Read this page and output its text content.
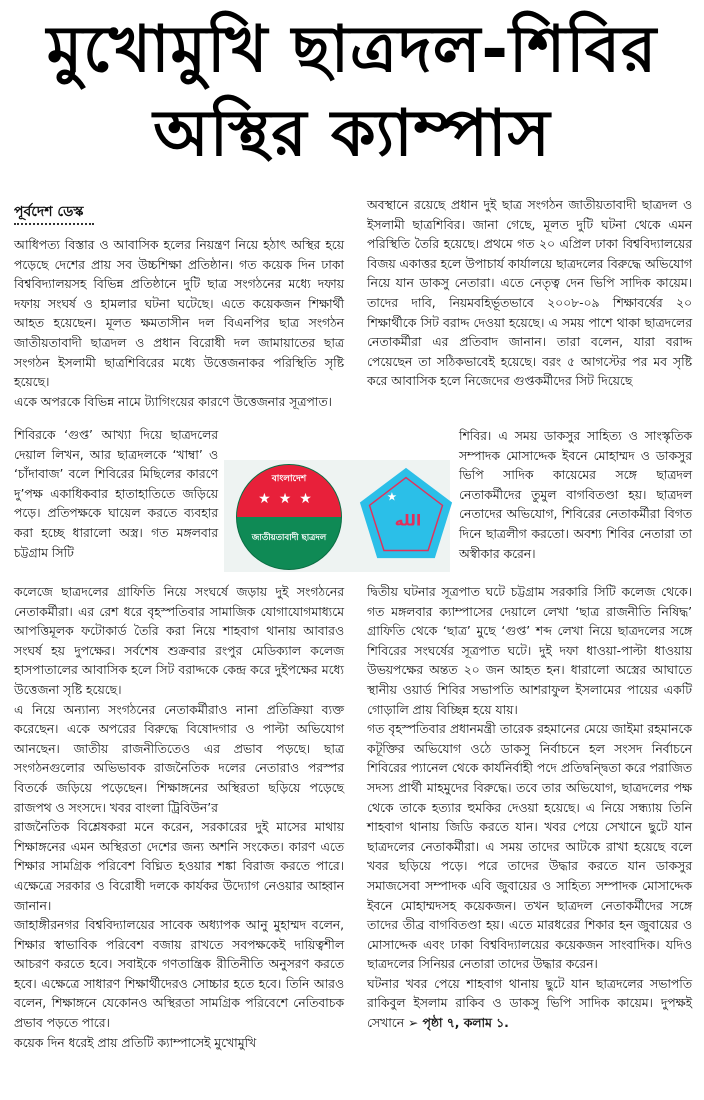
মুখোমুখি ছাত্রদল-শিবির
অস্থির ক্যাম্পাস
পূর্বদেশ ডেস্ক

আধিপত্য বিস্তার ও আবাসিক হলের নিয়ন্ত্রণ নিয়ে হঠাৎ অস্থির হয়ে পড়েছে দেশের প্রায় সব উচ্চশিক্ষা প্রতিষ্ঠান। গত কয়েক দিন ঢাকা বিশ্ববিদ্যালয়সহ বিভিন্ন প্রতিষ্ঠানে দুটি ছাত্র সংগঠনের মধ্যে দফায় দফায় সংঘর্ষ ও হামলার ঘটনা ঘটেছে। এতে কয়েকজন শিক্ষার্থী আহত হয়েছেন। মূলত ক্ষমতাসীন দল বিএনপির ছাত্র সংগঠন জাতীয়তাবাদী ছাত্রদল ও প্রধান বিরোধী দল জামায়াতের ছাত্র সংগঠন ইসলামী ছাত্রশিবিরের মধ্যে উত্তেজনাকর পরিস্থিতি সৃষ্টি হয়েছে।

একে অপরকে বিভিন্ন নামে ট্যাগিংয়ের কারণে উত্তেজনার সূত্রপাত।

শিবিরকে ‘গুপ্ত’ আখ্যা দিয়ে ছাত্রদলের দেয়াল লিখন, আর ছাত্রদলকে ‘খাম্বা’ ও ‘চাঁদাবাজ’ বলে শিবিরের মিছিলের কারণে দু’পক্ষ একাধিকবার হাতাহাতিতে জড়িয়ে পড়ে। প্রতিপক্ষকে ঘায়েল করতে ব্যবহার করা হচ্ছে ধারালো অস্ত্র। গত মঙ্গলবার চট্টগ্রাম সিটি

কলেজে ছাত্রদলের গ্রাফিতি নিয়ে সংঘর্ষে জড়ায় দুই সংগঠনের নেতাকর্মীরা। এর রেশ ধরে বৃহস্পতিবার সামাজিক যোগাযোগমাধ্যমে আপত্তিমূলক ফটোকার্ড তৈরি করা নিয়ে শাহবাগ থানায় আবারও সংঘর্ষ হয় দুপক্ষের। সর্বশেষ শুক্রবার রংপুর মেডিক্যাল কলেজ হাসপাতালের আবাসিক হলে সিট বরাদ্দকে কেন্দ্র করে দুইপক্ষের মধ্যে উত্তেজনা সৃষ্টি হয়েছে।

এ নিয়ে অন্যান্য সংগঠনের নেতাকর্মীরাও নানা প্রতিক্রিয়া ব্যক্ত করেছেন। একে অপরের বিরুদ্ধে বিষোদগার ও পাল্টা অভিযোগ আনছেন। জাতীয় রাজনীতিতেও এর প্রভাব পড়ছে। ছাত্র সংগঠনগুলোর অভিভাবক রাজনৈতিক দলের নেতারাও পরস্পর বিতর্কে জড়িয়ে পড়েছেন। শিক্ষাঙ্গনের অস্থিরতা ছড়িয়ে পড়েছে রাজপথ ও সংসদে। খবর বাংলা ট্রিবিউন’র

রাজনৈতিক বিশ্লেষকরা মনে করেন, সরকারের দুই মাসের মাথায় শিক্ষাঙ্গনের এমন অস্থিরতা দেশের জন্য অশনি সংকেত। কারণ এতে শিক্ষার সামগ্রিক পরিবেশ বিঘ্নিত হওয়ার শঙ্কা বিরাজ করতে পারে। এক্ষেত্রে সরকার ও বিরোধী দলকে কার্যকর উদ্যোগ নেওয়ার আহ্বান জানান।

জাহাঙ্গীরনগর বিশ্ববিদ্যালয়ের সাবেক অধ্যাপক আনু মুহাম্মদ বলেন, শিক্ষার স্বাভাবিক পরিবেশ বজায় রাখতে সবপক্ষকেই দায়িত্বশীল আচরণ করতে হবে। সবাইকে গণতান্ত্রিক রীতিনীতি অনুসরণ করতে হবে। এক্ষেত্রে সাধারণ শিক্ষার্থীদেরও সোচ্চার হতে হবে। তিনি আরও বলেন, শিক্ষাঙ্গনে যেকোনও অস্থিরতা সামগ্রিক পরিবেশে নেতিবাচক প্রভাব পড়তে পারে।

কয়েক দিন ধরেই প্রায় প্রতিটি ক্যাম্পাসেই মুখোমুখি

অবস্থানে রয়েছে প্রধান দুই ছাত্র সংগঠন জাতীয়তাবাদী ছাত্রদল ও ইসলামী ছাত্রশিবির। জানা গেছে, মূলত দুটি ঘটনা থেকে এমন পরিস্থিতি তৈরি হয়েছে। প্রথমে গত ২০ এপ্রিল ঢাকা বিশ্ববিদ্যালয়ের বিজয় একাত্তর হলে উপাচার্য কার্যালয়ে ছাত্রদলের বিরুদ্ধে অভিযোগ নিয়ে যান ডাকসু নেতারা। এতে নেতৃত্ব দেন ভিপি সাদিক কায়েম। তাদের দাবি, নিয়মবহির্ভূতভাবে ২০০৮-০৯ শিক্ষাবর্ষের ২০ শিক্ষার্থীকে সিট বরাদ্দ দেওয়া হয়েছে। এ সময় পাশে থাকা ছাত্রদলের নেতাকর্মীরা এর প্রতিবাদ জানান। তারা বলেন, যারা বরাদ্দ পেয়েছেন তা সঠিকভাবেই হয়েছে। বরং ৫ আগস্টের পর মব সৃষ্টি করে আবাসিক হলে নিজেদের গুপ্তকর্মীদের সিট দিয়েছে

শিবির। এ সময় ডাকসুর সাহিত্য ও সাংস্কৃতিক সম্পাদক মোসাদ্দেক ইবনে মোহাম্মদ ও ডাকসুর ভিপি সাদিক কায়েমের সঙ্গে ছাত্রদল নেতাকর্মীদের তুমুল বাগবিতণ্ডা হয়। ছাত্রদল নেতাদের অভিযোগ, শিবিরের নেতাকর্মীরা বিগত দিনে ছাত্রলীগ করতো। অবশ্য শিবির নেতারা তা অস্বীকার করেন।

দ্বিতীয় ঘটনার সূত্রপাত ঘটে চট্টগ্রাম সরকারি সিটি কলেজ থেকে। গত মঙ্গলবার ক্যাম্পাসের দেয়ালে লেখা ‘ছাত্র রাজনীতি নিষিদ্ধ’ গ্রাফিতি থেকে ‘ছাত্র’ মুছে ‘গুপ্ত’ শব্দ লেখা নিয়ে ছাত্রদলের সঙ্গে শিবিরের সংঘর্ষের সূত্রপাত ঘটে। দুই দফা ধাওয়া-পাল্টা ধাওয়ায় উভয়পক্ষের অন্তত ২০ জন আহত হন। ধারালো অস্ত্রের আঘাতে স্থানীয় ওয়ার্ড শিবির সভাপতি আশরাফুল ইসলামের পায়ের একটি গোড়ালি প্রায় বিচ্ছিন্ন হয়ে যায়।

গত বৃহস্পতিবার প্রধানমন্ত্রী তারেক রহমানের মেয়ে জাইমা রহমানকে কটূক্তির অভিযোগ ওঠে ডাকসু নির্বাচনে হল সংসদ নির্বাচনে শিবিরের প্যানেল থেকে কার্যনির্বাহী পদে প্রতিদ্বন্দ্বিতা করে পরাজিত সদস্য প্রার্থী মাহমুদের বিরুদ্ধে। তবে তার অভিযোগ, ছাত্রদলের পক্ষ থেকে তাকে হত্যার হুমকির দেওয়া হয়েছে। এ নিয়ে সন্ধ্যায় তিনি শাহবাগ থানায় জিডি করতে যান। খবর পেয়ে সেখানে ছুটে যান ছাত্রদলের নেতাকর্মীরা। এ সময় তাদের আটকে রাখা হয়েছে বলে খবর ছড়িয়ে পড়ে। পরে তাদের উদ্ধার করতে যান ডাকসুর সমাজসেবা সম্পাদক এবি জুবায়ের ও সাহিত্য সম্পাদক মোসাদ্দেক ইবনে মোহাম্মদসহ কয়েকজন। তখন ছাত্রদল নেতাকর্মীদের সঙ্গে তাদের তীব্র বাগবিতণ্ডা হয়। এতে মারধরের শিকার হন জুবায়ের ও মোসাদ্দেক এবং ঢাকা বিশ্ববিদ্যালয়ের কয়েকজন সাংবাদিক। যদিও ছাত্রদলের সিনিয়র নেতারা তাদের উদ্ধার করেন।

ঘটনার খবর পেয়ে শাহবাগ থানায় ছুটে যান ছাত্রদলের সভাপতি রাকিবুল ইসলাম রাকিব ও ডাকসু ভিপি সাদিক কায়েম। দুপক্ষই সেখানে ➢ পৃষ্ঠা ৭, কলাম ১.

বাংলাদেশ
★★★
জাতীয়তাবাদী ছাত্রদল
★
الله
